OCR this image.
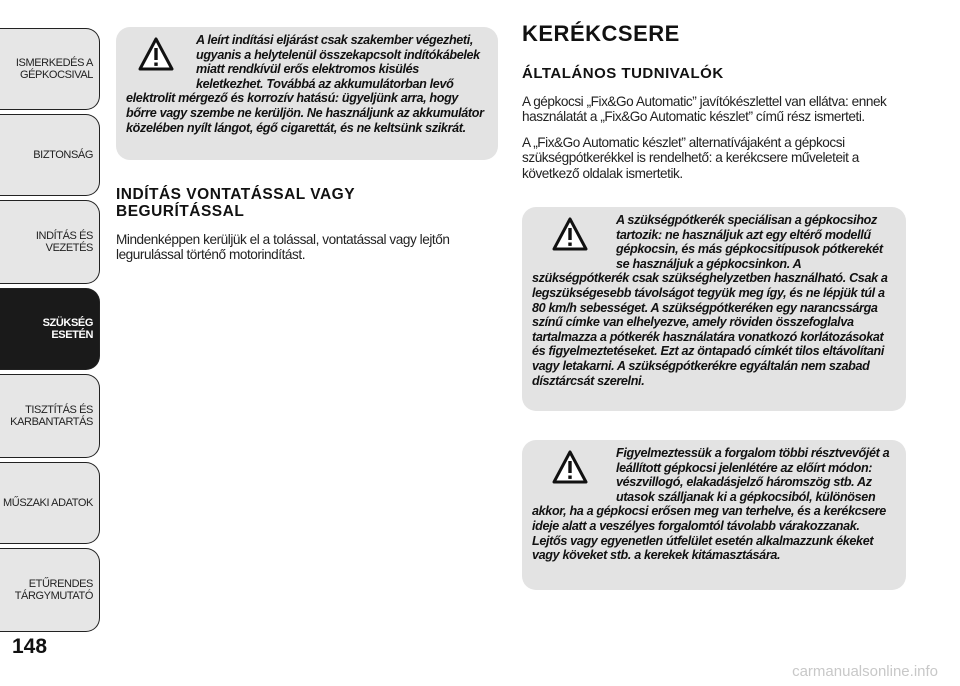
ISMERKEDÉS A
GÉPKOCSIVAL
BIZTONSÁG
INDÍTÁS ÉS VEZETÉS
SZÜKSÉG ESETÉN
TISZTÍTÁS ÉS
KARBANTARTÁS
MŰSZAKI ADATOK
ETŰRENDES
TÁRGYMUTATÓ
148

A leírt indítási eljárást csak szakember végezheti, ugyanis a helytelenül összekapcsolt indítókábelek miatt rendkívül erős elektromos kisülés keletkezhet. Továbbá az akkumulátorban levő elektrolit mérgező és korrozív hatású: ügyeljünk arra, hogy bőrre vagy szembe ne kerüljön. Ne használjunk az akkumulátor közelében nyílt lángot, égő cigarettát, és ne keltsünk szikrát.

INDÍTÁS VONTATÁSSAL VAGY BEGURÍTÁSSAL

Mindenképpen kerüljük el a tolással, vontatással vagy lejtőn legurulással történő motorindítást.

KERÉKCSERE
ÁLTALÁNOS TUDNIVALÓK

A gépkocsi „Fix&Go Automatic” javítókészlettel van ellátva: ennek használatát a „Fix&Go Automatic készlet” című rész ismerteti.

A „Fix&Go Automatic készlet” alternatívájaként a gépkocsi szükségpótkerékkel is rendelhető: a kerékcsere műveleteit a következő oldalak ismertetik.

A szükségpótkerék speciálisan a gépkocsihoz tartozik: ne használjuk azt egy eltérő modellű gépkocsin, és más gépkocsitípusok pótkerekét se használjuk a gépkocsinkon. A szükségpótkerék csak szükséghelyzetben használható. Csak a legszükségesebb távolságot tegyük meg így, és ne lépjük túl a 80 km/h sebességet. A szükségpótkeréken egy narancssárga színű címke van elhelyezve, amely röviden összefoglalva tartalmazza a pótkerék használatára vonatkozó korlátozásokat és figyelmeztetéseket. Ezt az öntapadó címkét tilos eltávolítani vagy letakarni. A szükségpótkerékre egyáltalán nem szabad dísztárcsát szerelni.

Figyelmeztessük a forgalom többi résztvevőjét a leállított gépkocsi jelenlétére az előírt módon: vészvillogó, elakadásjelző háromszög stb. Az utasok szálljanak ki a gépkocsiból, különösen akkor, ha a gépkocsi erősen meg van terhelve, és a kerékcsere ideje alatt a veszélyes forgalomtól távolabb várakozzanak. Lejtős vagy egyenetlen útfelület esetén alkalmazzunk ékeket vagy köveket stb. a kerekek kitámasztására.

carmanualsonline.info
